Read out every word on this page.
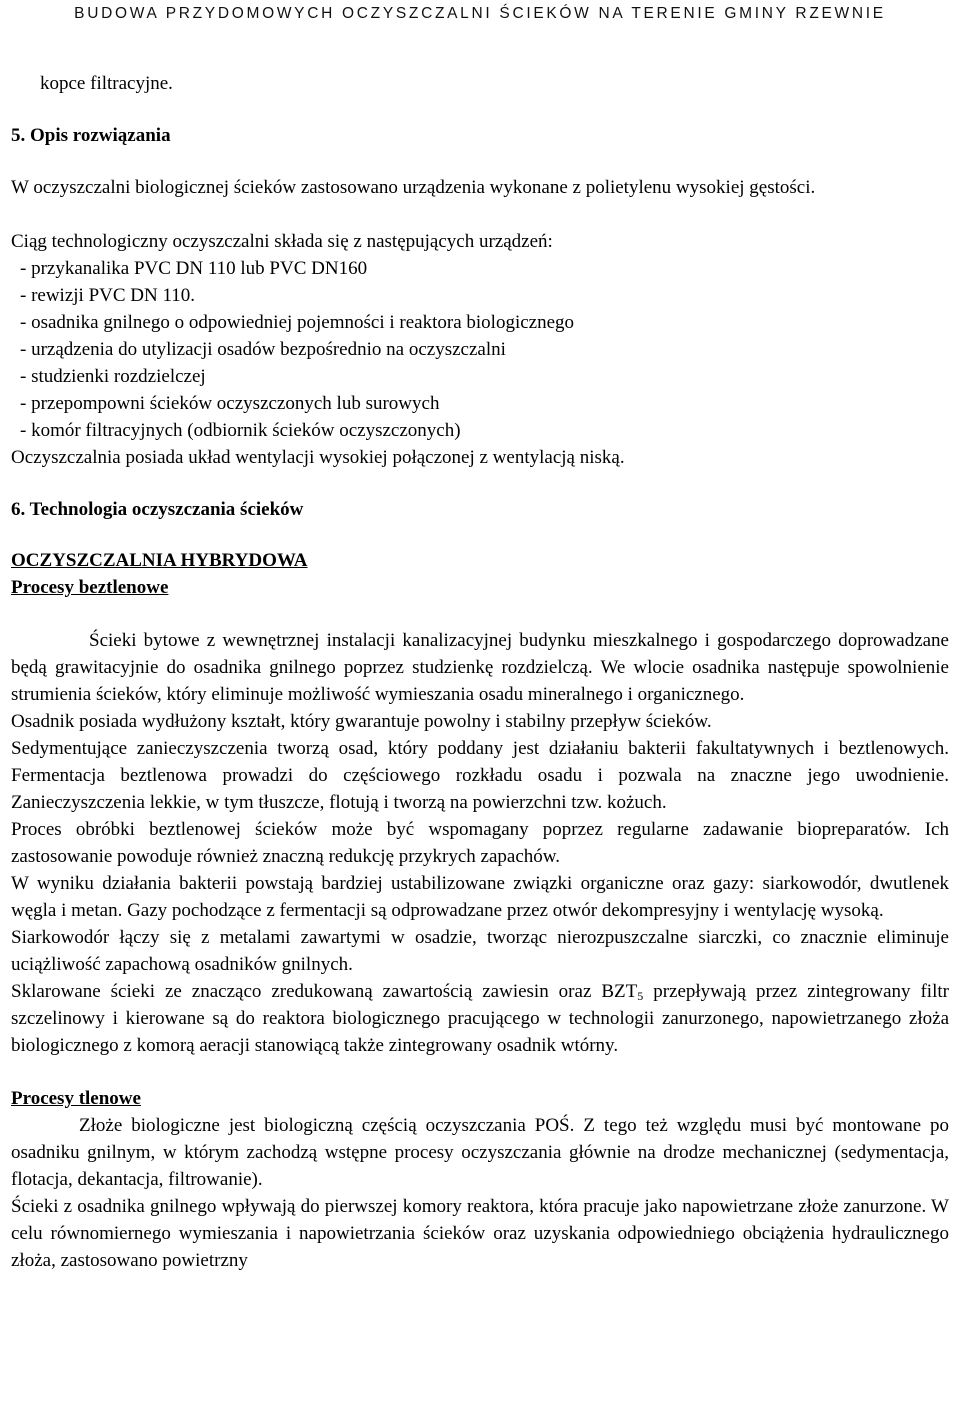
BUDOWA PRZYDOMOWYCH OCZYSZCZALNI ŚCIEKÓW NA TERENIE GMINY RZEWNIE

kopce filtracyjne.

5. Opis rozwiązania

W oczyszczalni biologicznej ścieków zastosowano urządzenia wykonane z polietylenu wysokiej gęstości.

Ciąg technologiczny oczyszczalni składa się z następujących urządzeń:

- przykanalika PVC DN 110 lub PVC DN160

- rewizji PVC DN 110.

- osadnika gnilnego o odpowiedniej pojemności i reaktora biologicznego

- urządzenia do utylizacji osadów bezpośrednio na oczyszczalni

- studzienki rozdzielczej

- przepompowni ścieków oczyszczonych lub surowych

- komór filtracyjnych (odbiornik ścieków oczyszczonych)

Oczyszczalnia posiada układ wentylacji wysokiej połączonej z wentylacją niską.

6. Technologia oczyszczania ścieków

OCZYSZCZALNIA HYBRYDOWA

Procesy beztlenowe

Ścieki bytowe z wewnętrznej instalacji kanalizacyjnej budynku mieszkalnego i gospodarczego doprowadzane będą grawitacyjnie do osadnika gnilnego poprzez studzienkę rozdzielczą. We wlocie osadnika następuje spowolnienie strumienia ścieków, który eliminuje możliwość wymieszania osadu mineralnego i organicznego.

Osadnik posiada wydłużony kształt, który gwarantuje powolny i stabilny przepływ ścieków.

Sedymentujące zanieczyszczenia tworzą osad, który poddany jest działaniu bakterii fakultatywnych i beztlenowych. Fermentacja beztlenowa prowadzi do częściowego rozkładu osadu i pozwala na znaczne jego uwodnienie. Zanieczyszczenia lekkie, w tym tłuszcze, flotują i tworzą na powierzchni tzw. kożuch.

Proces obróbki beztlenowej ścieków może być wspomagany poprzez regularne zadawanie biopreparatów. Ich zastosowanie powoduje również znaczną redukcję przykrych zapachów.

W wyniku działania bakterii powstają bardziej ustabilizowane związki organiczne oraz gazy: siarkowodór, dwutlenek węgla i metan. Gazy pochodzące z fermentacji są odprowadzane przez otwór dekompresyjny i wentylację wysoką.

Siarkowodór łączy się z metalami zawartymi w osadzie, tworząc nierozpuszczalne siarczki, co znacznie eliminuje uciążliwość zapachową osadników gnilnych.

Sklarowane ścieki ze znacząco zredukowaną zawartością zawiesin oraz $BZT_5$ przepływają przez zintegrowany filtr szczelinowy i kierowane są do reaktora biologicznego pracującego w technologii zanurzonego, napowietrzanego złoża biologicznego z komorą aeracji stanowiącą także zintegrowany osadnik wtórny.

Procesy tlenowe

Złoże biologiczne jest biologiczną częścią oczyszczania POŚ. Z tego też względu musi być montowane po osadniku gnilnym, w którym zachodzą wstępne procesy oczyszczania głównie na drodze mechanicznej (sedymentacja, flotacja, dekantacja, filtrowanie).

Ścieki z osadnika gnilnego wpływają do pierwszej komory reaktora, która pracuje jako napowietrzane złoże zanurzone. W celu równomiernego wymieszania i napowietrzania ścieków oraz uzyskania odpowiedniego obciążenia hydraulicznego złoża, zastosowano powietrzny
